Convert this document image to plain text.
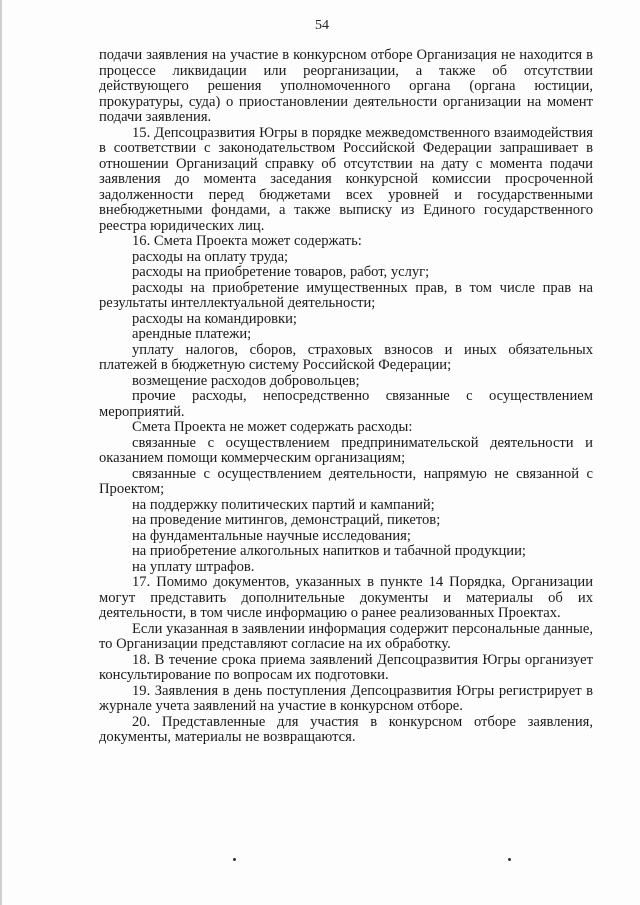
54

подачи заявления на участие в конкурсном отборе Организация не находится в процессе ликвидации или реорганизации, а также об отсутствии действующего решения уполномоченного органа (органа юстиции, прокуратуры, суда) о приостановлении деятельности организации на момент подачи заявления.

15. Депсоцразвития Югры в порядке межведомственного взаимодействия в соответствии с законодательством Российской Федерации запрашивает в отношении Организаций справку об отсутствии на дату с момента подачи заявления до момента заседания конкурсной комиссии просроченной задолженности перед бюджетами всех уровней и государственными внебюджетными фондами, а также выписку из Единого государственного реестра юридических лиц.

16. Смета Проекта может содержать:

расходы на оплату труда;

расходы на приобретение товаров, работ, услуг;

расходы на приобретение имущественных прав, в том числе прав на результаты интеллектуальной деятельности;

расходы на командировки;

арендные платежи;

уплату налогов, сборов, страховых взносов и иных обязательных платежей в бюджетную систему Российской Федерации;

возмещение расходов добровольцев;

прочие расходы, непосредственно связанные с осуществлением мероприятий.

Смета Проекта не может содержать расходы:

связанные с осуществлением предпринимательской деятельности и оказанием помощи коммерческим организациям;

связанные с осуществлением деятельности, напрямую не связанной с Проектом;

на поддержку политических партий и кампаний;

на проведение митингов, демонстраций, пикетов;

на фундаментальные научные исследования;

на приобретение алкогольных напитков и табачной продукции;

на уплату штрафов.

17. Помимо документов, указанных в пункте 14 Порядка, Организации могут представить дополнительные документы и материалы об их деятельности, в том числе информацию о ранее реализованных Проектах.

Если указанная в заявлении информация содержит персональные данные, то Организации представляют согласие на их обработку.

18. В течение срока приема заявлений Депсоцразвития Югры организует консультирование по вопросам их подготовки.

19. Заявления в день поступления Депсоцразвития Югры регистрирует в журнале учета заявлений на участие в конкурсном отборе.

20. Представленные для участия в конкурсном отборе заявления, документы, материалы не возвращаются.
